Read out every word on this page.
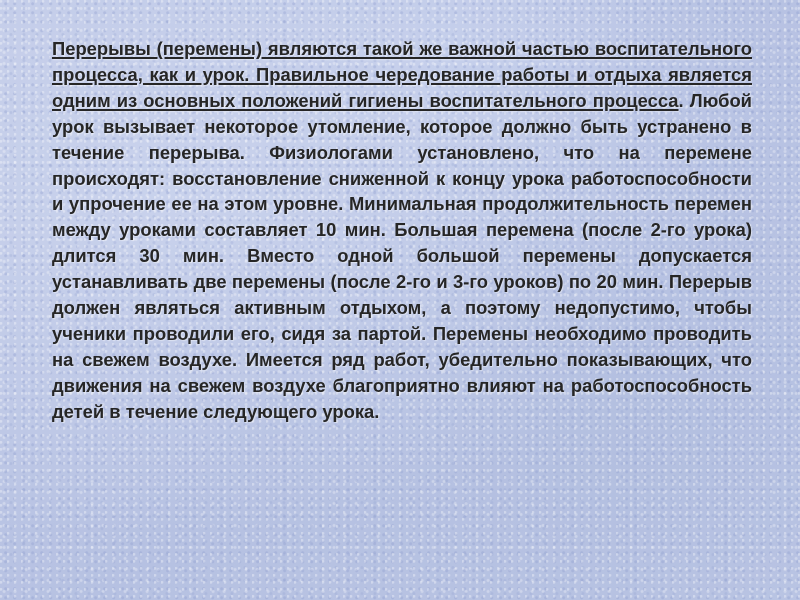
Перерывы (перемены) являются такой же важной частью воспитательного процесса, как и урок. Правильное чередование работы и отдыха является одним из основных положений гигиены воспитательного процесса. Любой урок вызывает некоторое утомление, которое должно быть устранено в течение перерыва. Физиологами установлено, что на перемене происходят: восстановление сниженной к концу урока работоспособности и упрочение ее на этом уровне. Минимальная продолжительность перемен между уроками составляет 10 мин. Большая перемена (после 2-го урока) длится 30 мин. Вместо одной большой перемены допускается устанавливать две перемены (после 2-го и 3-го уроков) по 20 мин. Перерыв должен являться активным отдыхом, а поэтому недопустимо, чтобы ученики проводили его, сидя за партой. Перемены необходимо проводить на свежем воздухе. Имеется ряд работ, убедительно показывающих, что движения на свежем воздухе благоприятно влияют на работоспособность детей в течение следующего урока.
